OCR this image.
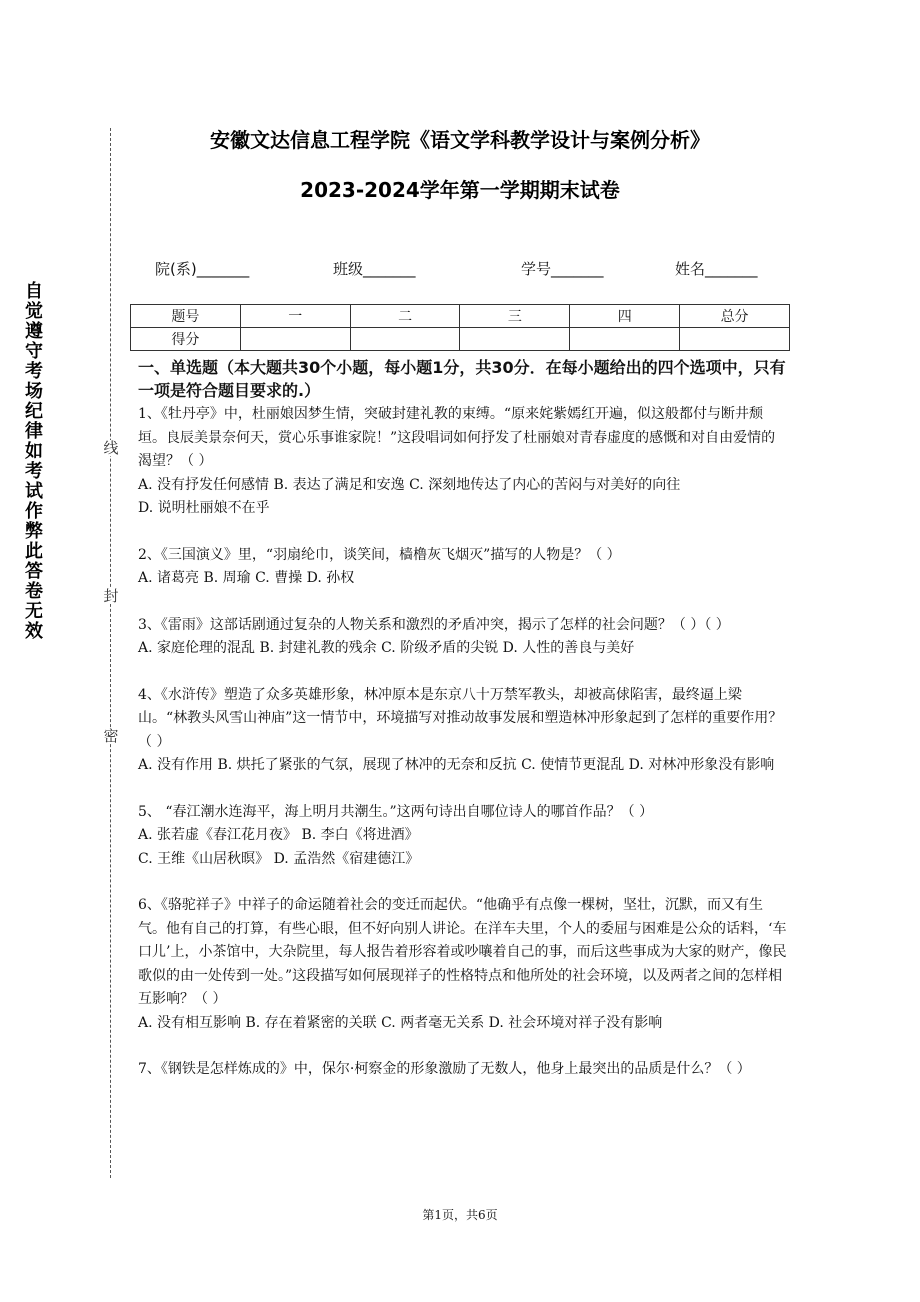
自觉遵守考场纪律如考试作弊此答卷无效
线
封
密
安徽文达信息工程学院《语文学科教学设计与案例分析》
2023-2024学年第一学期期末试卷
院(系)_______	班级_______	学号_______	姓名_______
题号	一	二	三	四	总分
得分					
一、单选题（本大题共30个小题，每小题1分，共30分．在每小题给出的四个选项中，只有一项是符合题目要求的.）

1、《牡丹亭》中，杜丽娘因梦生情，突破封建礼教的束缚。“原来姹紫嫣红开遍，似这般都付与断井颓垣。良辰美景奈何天，赏心乐事谁家院！”这段唱词如何抒发了杜丽娘对青春虚度的感慨和对自由爱情的渴望？（ ）

A. 没有抒发任何感情 B. 表达了满足和安逸 C. 深刻地传达了内心的苦闷与对美好的向往

D. 说明杜丽娘不在乎

2、《三国演义》里，“羽扇纶巾，谈笑间，樯橹灰飞烟灭”描写的人物是？（ ）

A. 诸葛亮 B. 周瑜 C. 曹操 D. 孙权

3、《雷雨》这部话剧通过复杂的人物关系和激烈的矛盾冲突，揭示了怎样的社会问题？（ ）（ ）

A. 家庭伦理的混乱 B. 封建礼教的残余 C. 阶级矛盾的尖锐 D. 人性的善良与美好

4、《水浒传》塑造了众多英雄形象，林冲原本是东京八十万禁军教头，却被高俅陷害，最终逼上梁山。“林教头风雪山神庙”这一情节中，环境描写对推动故事发展和塑造林冲形象起到了怎样的重要作用？（ ）

A. 没有作用 B. 烘托了紧张的气氛，展现了林冲的无奈和反抗 C. 使情节更混乱 D. 对林冲形象没有影响

5、 “春江潮水连海平，海上明月共潮生。”这两句诗出自哪位诗人的哪首作品？（ ）

A. 张若虚《春江花月夜》 B. 李白《将进酒》

C. 王维《山居秋暝》 D. 孟浩然《宿建德江》

6、《骆驼祥子》中祥子的命运随着社会的变迁而起伏。“他确乎有点像一棵树，坚壮，沉默，而又有生气。他有自己的打算，有些心眼，但不好向别人讲论。在洋车夫里，个人的委屈与困难是公众的话料，‘车口儿’上，小茶馆中，大杂院里，每人报告着形容着或吵嚷着自己的事，而后这些事成为大家的财产，像民歌似的由一处传到一处。”这段描写如何展现祥子的性格特点和他所处的社会环境，以及两者之间的怎样相互影响？（ ）

A. 没有相互影响 B. 存在着紧密的关联 C. 两者毫无关系 D. 社会环境对祥子没有影响

7、《钢铁是怎样炼成的》中，保尔·柯察金的形象激励了无数人，他身上最突出的品质是什么？（ ）

第1页，共6页
